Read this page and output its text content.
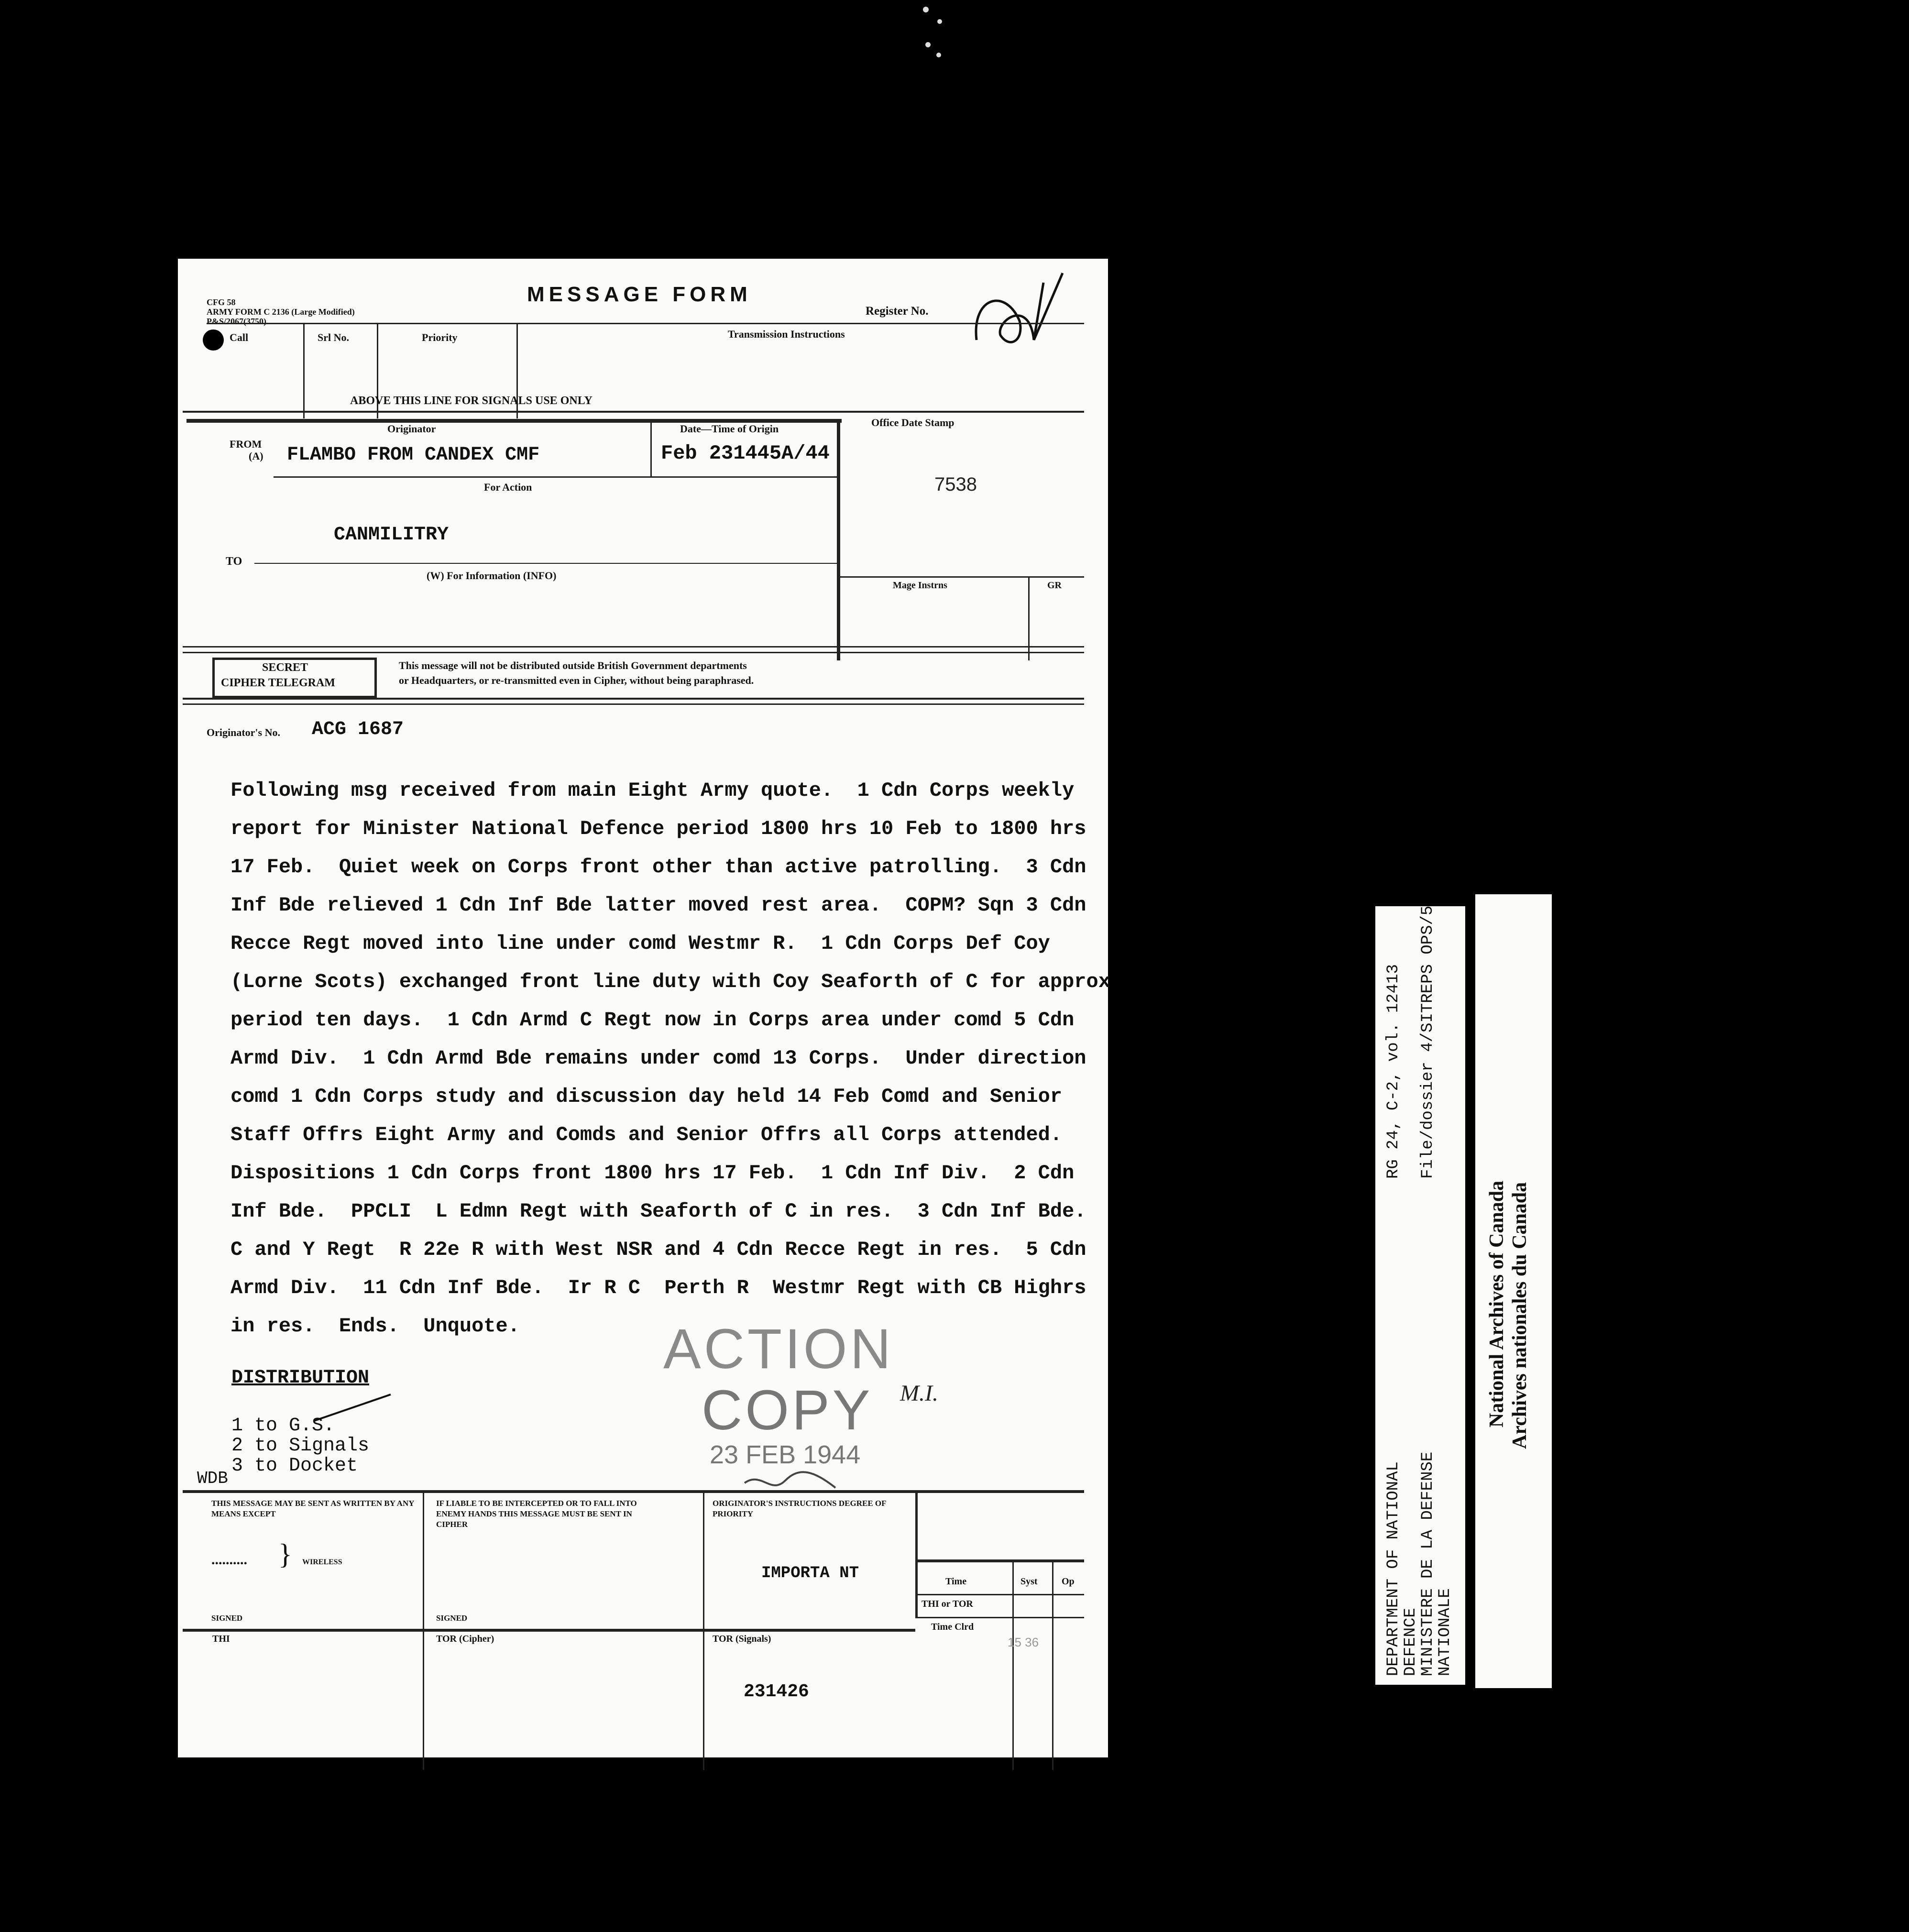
CFG 58
ARMY FORM C 2136 (Large Modified)
P&S/2067(3750)
MESSAGE FORM
Register No.
Call	Srl No.	Priority	Transmission Instructions
ABOVE THIS LINE FOR SIGNALS USE ONLY
Originator	Date—Time of Origin
Office Date Stamp
FROM
(A) FLAMBO FROM CANDEX CMF	Feb 231445A/44
7538
For Action
CANMILITRY
TO
(W) For Information (INFO)
Mage Instrns	GR
SECRET
CIPHER TELEGRAM
This message will not be distributed outside British Government departments
or Headquarters, or re-transmitted even in Cipher, without being paraphrased.
Originator's No. ACG 1687
Following msg received from main Eight Army quote.  1 Cdn Corps weekly
report for Minister National Defence period 1800 hrs 10 Feb to 1800 hrs
17 Feb.  Quiet week on Corps front other than active patrolling.  3 Cdn
Inf Bde relieved 1 Cdn Inf Bde latter moved rest area.  COPM? Sqn 3 Cdn
Recce Regt moved into line under comd Westmr R.  1 Cdn Corps Def Coy
(Lorne Scots) exchanged front line duty with Coy Seaforth of C for approx
period ten days.  1 Cdn Armd C Regt now in Corps area under comd 5 Cdn
Armd Div.  1 Cdn Armd Bde remains under comd 13 Corps.  Under direction
comd 1 Cdn Corps study and discussion day held 14 Feb Comd and Senior
Staff Offrs Eight Army and Comds and Senior Offrs all Corps attended.
Dispositions 1 Cdn Corps front 1800 hrs 17 Feb.  1 Cdn Inf Div.  2 Cdn
Inf Bde.  PPCLI  L Edmn Regt with Seaforth of C in res.  3 Cdn Inf Bde.
C and Y Regt  R 22e R with West NSR and 4 Cdn Recce Regt in res.  5 Cdn
Armd Div.  11 Cdn Inf Bde.  Ir R C  Perth R  Westmr Regt with CB Highrs
in res.  Ends.  Unquote.	ACTION
COPY
23 FEB 1944
M.I.
DISTRIBUTION
1 to G.S.
2 to Signals
3 to Docket
WDB
THIS MESSAGE MAY BE SENT AS WRITTEN BY ANY MEANS EXCEPT
.......... } WIRELESS
SIGNED
IF LIABLE TO BE INTERCEPTED OR TO FALL INTO ENEMY HANDS THIS MESSAGE MUST BE SENT IN CIPHER
SIGNED
ORIGINATOR'S INSTRUCTIONS DEGREE OF PRIORITY
IMPORTA NT	Time	Syst	Op
THI or TOR
Time Clrd
15 36
THI	TOR (Cipher)	TOR (Signals)
231426
DEPARTMENT OF NATIONAL
DEFENCE
MINISTERE DE LA DEFENSE
NATIONALE
RG 24, C-2, vol. 12413 File/dossier 4/SITREPS OPS/5
National Archives of Canada Archives nationales du Canada
